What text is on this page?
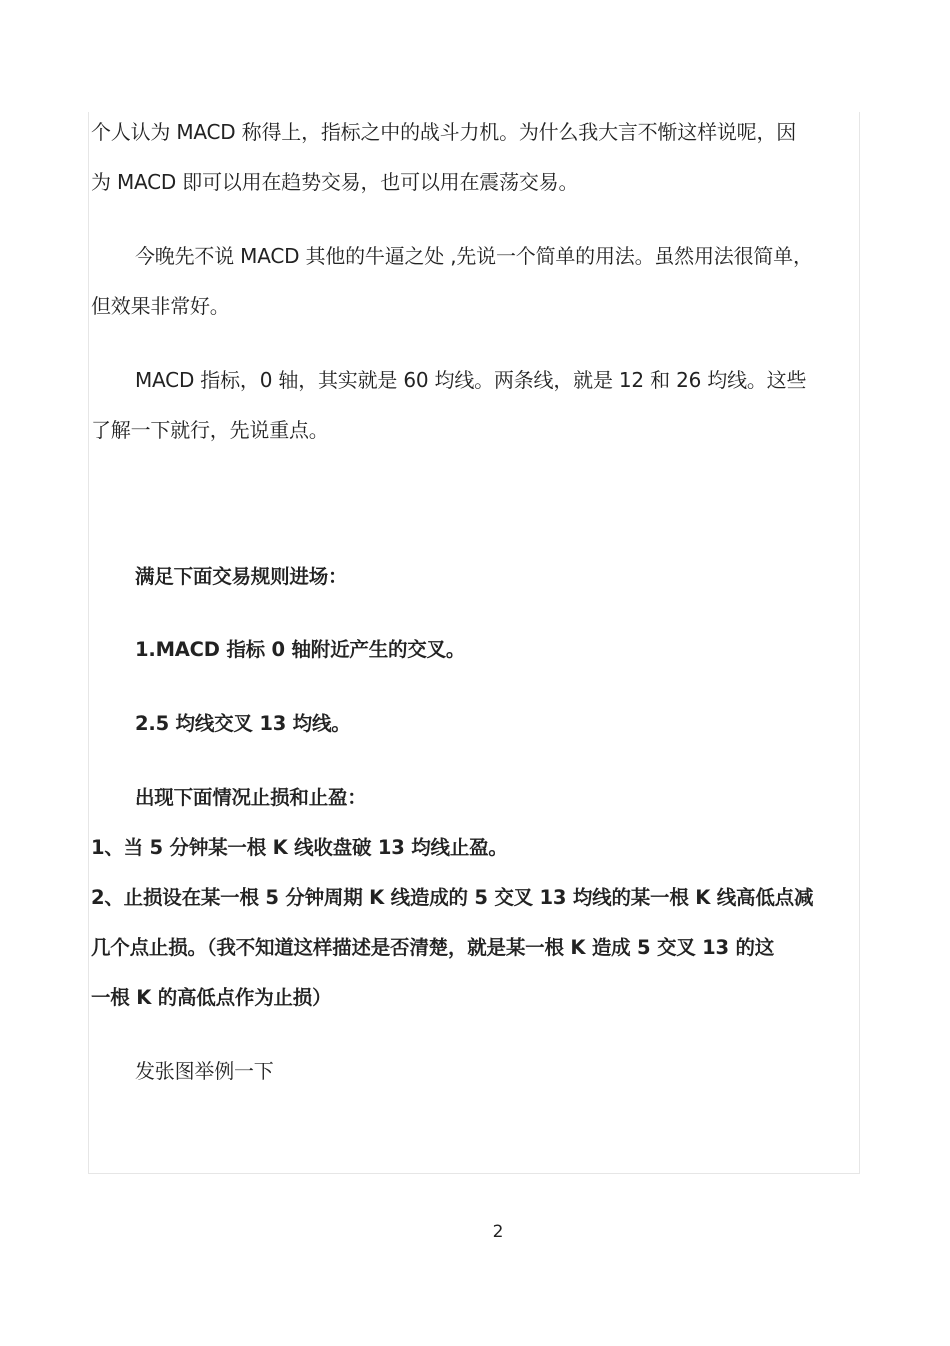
个人认为 MACD 称得上，指标之中的战斗力机。为什么我大言不惭这样说呢，因
为 MACD 即可以用在趋势交易，也可以用在震荡交易。
今晚先不说 MACD 其他的牛逼之处 ,先说一个简单的用法。虽然用法很简单，
但效果非常好。
MACD 指标，0 轴，其实就是 60 均线。两条线，就是 12 和 26 均线。这些
了解一下就行，先说重点。
满足下面交易规则进场：
1.MACD 指标 0 轴附近产生的交叉。
2.5 均线交叉 13 均线。
出现下面情况止损和止盈：
1、当 5 分钟某一根 K 线收盘破 13 均线止盈。
2、止损设在某一根 5 分钟周期 K 线造成的 5 交叉 13 均线的某一根 K 线高低点减
几个点止损。（我不知道这样描述是否清楚，就是某一根 K 造成 5 交叉 13 的这
一根 K 的高低点作为止损）
发张图举例一下
2
